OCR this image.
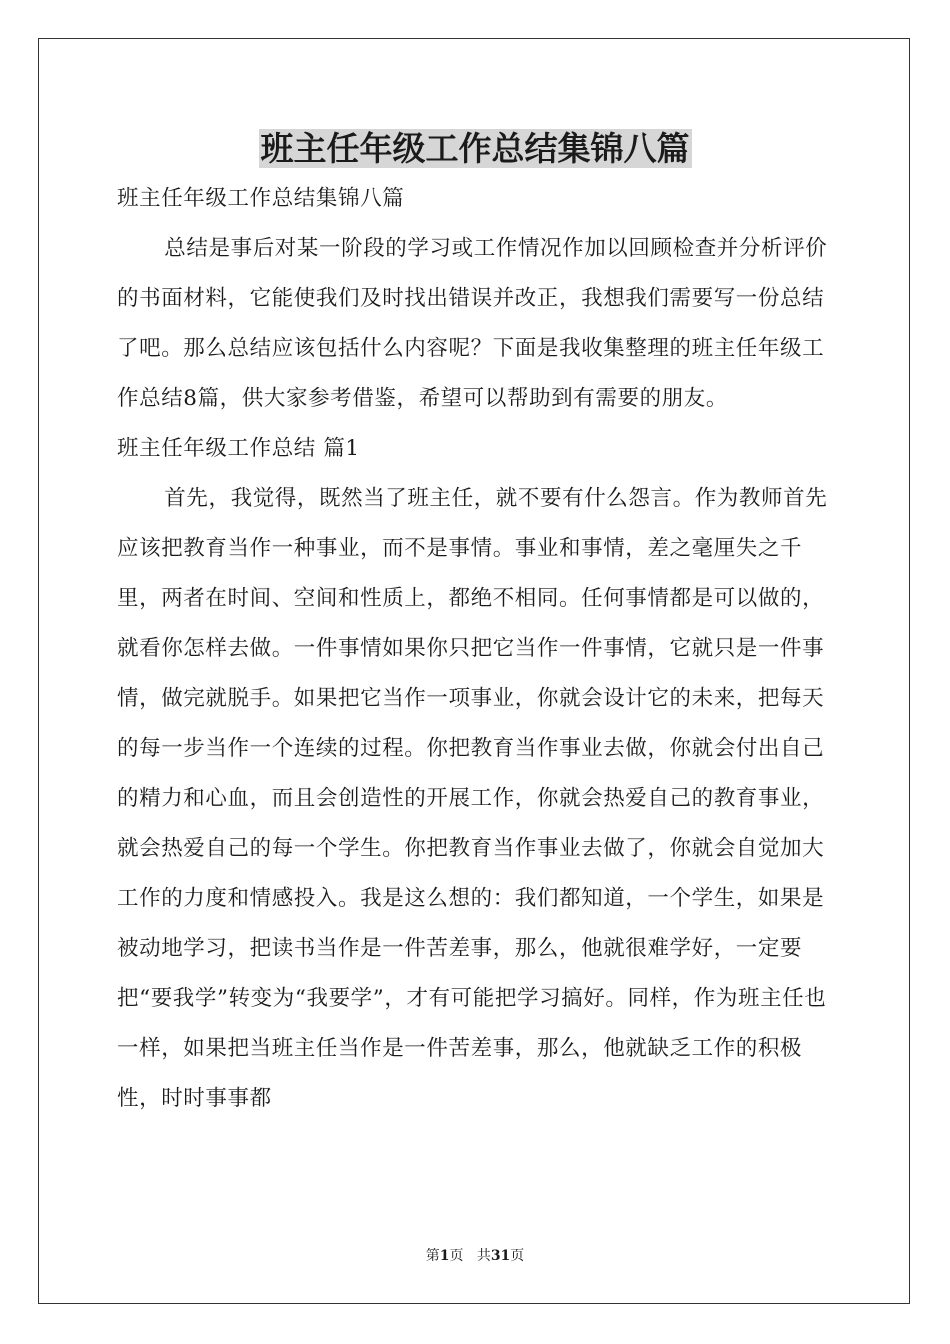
班主任年级工作总结集锦八篇

班主任年级工作总结集锦八篇

总结是事后对某一阶段的学习或工作情况作加以回顾检查并分析评价的书面材料，它能使我们及时找出错误并改正，我想我们需要写一份总结了吧。那么总结应该包括什么内容呢？下面是我收集整理的班主任年级工作总结8篇，供大家参考借鉴，希望可以帮助到有需要的朋友。

班主任年级工作总结 篇1

首先，我觉得，既然当了班主任，就不要有什么怨言。作为教师首先应该把教育当作一种事业，而不是事情。事业和事情，差之毫厘失之千里，两者在时间、空间和性质上，都绝不相同。任何事情都是可以做的，就看你怎样去做。一件事情如果你只把它当作一件事情，它就只是一件事情，做完就脱手。如果把它当作一项事业，你就会设计它的未来，把每天的每一步当作一个连续的过程。你把教育当作事业去做，你就会付出自己的精力和心血，而且会创造性的开展工作，你就会热爱自己的教育事业，就会热爱自己的每一个学生。你把教育当作事业去做了，你就会自觉加大工作的力度和情感投入。我是这么想的：我们都知道，一个学生，如果是被动地学习，把读书当作是一件苦差事，那么，他就很难学好，一定要把“要我学”转变为“我要学”，才有可能把学习搞好。同样，作为班主任也一样，如果把当班主任当作是一件苦差事，那么，他就缺乏工作的积极性，时时事事都

第1页 共31页
